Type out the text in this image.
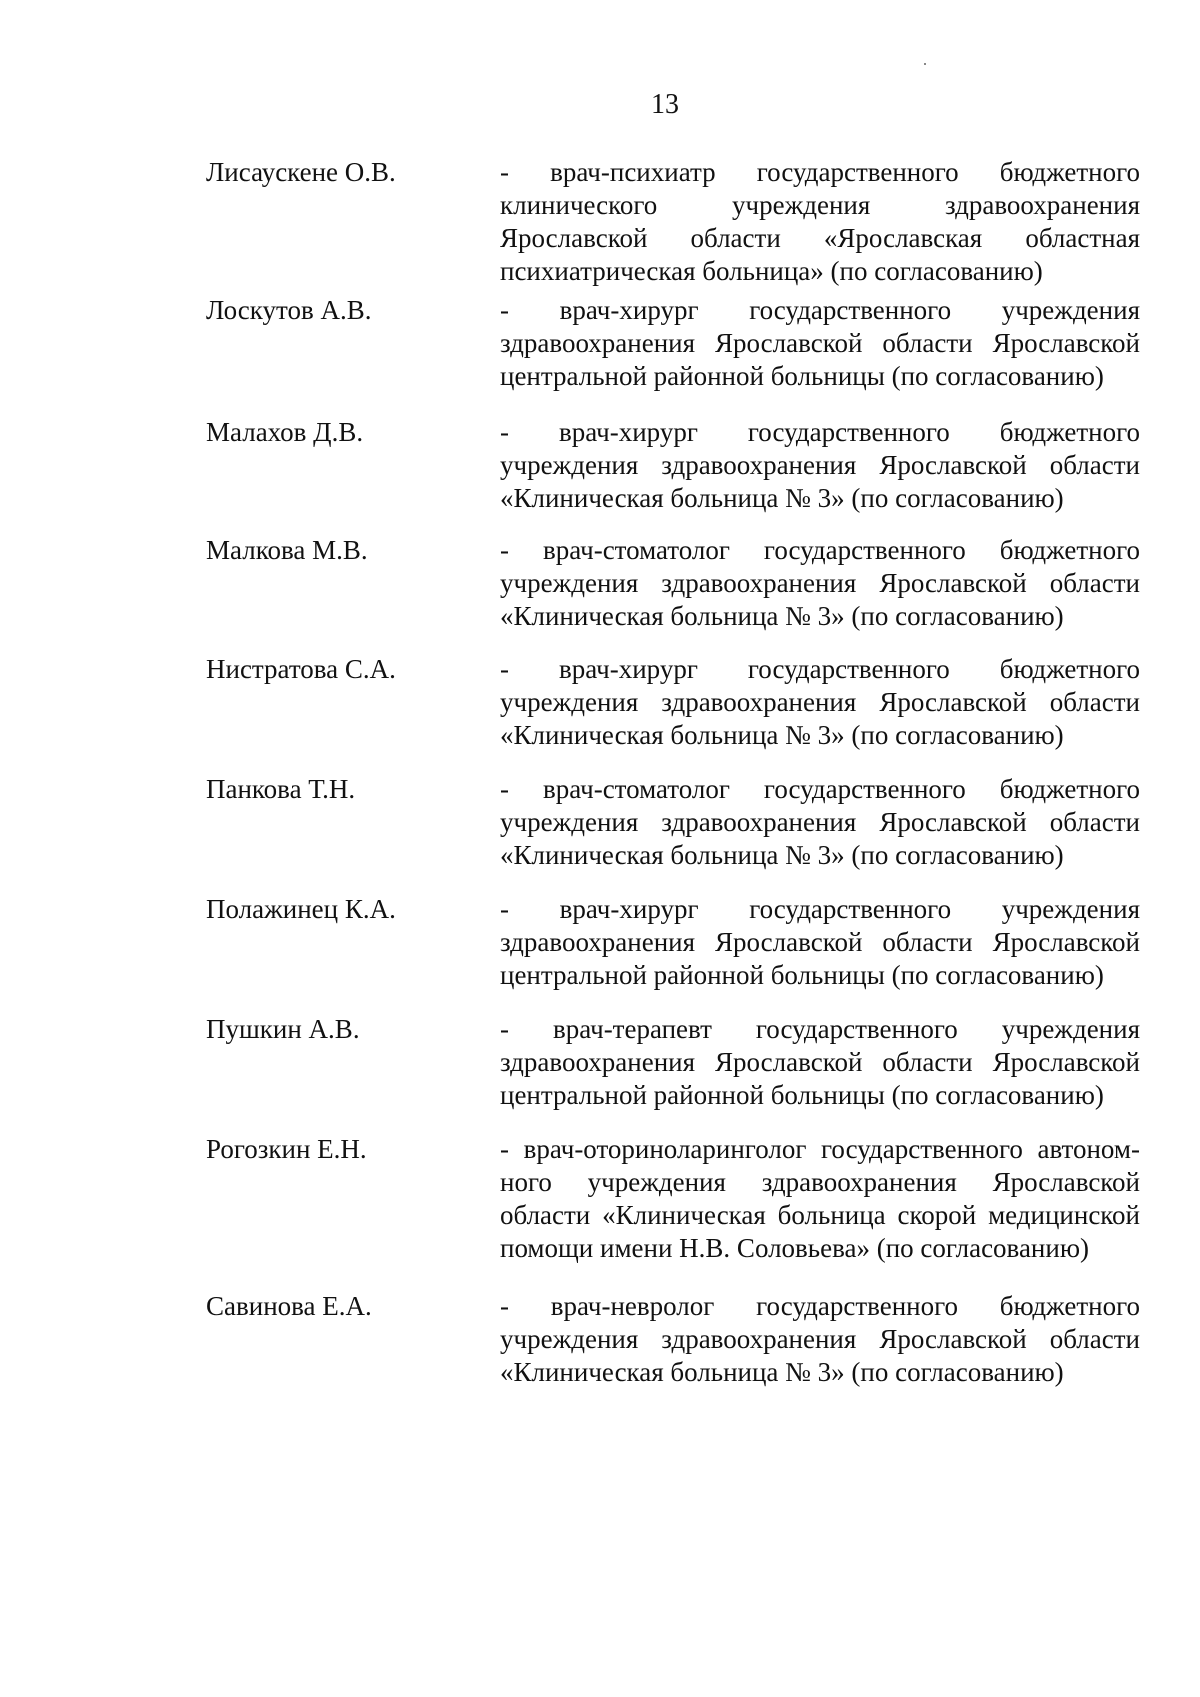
13
Лисаускене О.В.	- врач-психиатр государственного бюджетного
клинического учреждения здравоохранения
Ярославской области «Ярославская областная
психиатрическая больница» (по согласованию)
Лоскутов А.В.	- врач-хирург государственного учреждения
здравоохранения Ярославской области Ярославской
центральной районной больницы (по согласованию)
Малахов Д.В.	- врач-хирург государственного бюджетного
учреждения здравоохранения Ярославской области
«Клиническая больница № 3» (по согласованию)
Малкова М.В.	- врач-стоматолог государственного бюджетного
учреждения здравоохранения Ярославской области
«Клиническая больница № 3» (по согласованию)
Нистратова С.А.	- врач-хирург государственного бюджетного
учреждения здравоохранения Ярославской области
«Клиническая больница № 3» (по согласованию)
Панкова Т.Н.	- врач-стоматолог государственного бюджетного
учреждения здравоохранения Ярославской области
«Клиническая больница № 3» (по согласованию)
Полажинец К.А.	- врач-хирург государственного учреждения
здравоохранения Ярославской области Ярославской
центральной районной больницы (по согласованию)
Пушкин А.В.	- врач-терапевт государственного учреждения
здравоохранения Ярославской области Ярославской
центральной районной больницы (по согласованию)
Рогозкин Е.Н.	- врач-оториноларинголог государственного автоном-
ного учреждения здравоохранения Ярославской
области «Клиническая больница скорой медицинской
помощи имени Н.В. Соловьева» (по согласованию)
Савинова Е.А.	- врач-невролог государственного бюджетного
учреждения здравоохранения Ярославской области
«Клиническая больница № 3» (по согласованию)
